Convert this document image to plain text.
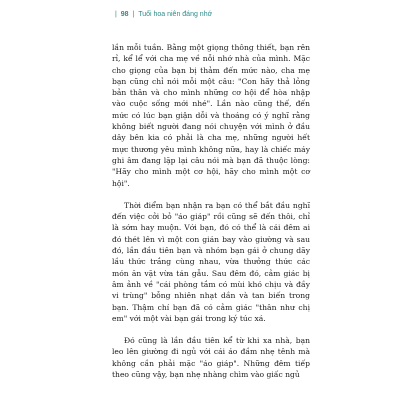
| 98 | Tuổi hoa niên đáng nhớ

lần mỗi tuần. Bằng một giọng thông thiết, bạn rên rỉ, kể lể với cha mẹ về nỗi nhớ nhà của mình. Mặc cho giọng của bạn bị thảm đến mức nào, cha mẹ bạn cũng chỉ nói mỗi một câu: "Con hãy thả lỏng bản thân và cho mình những cơ hội để hòa nhập vào cuộc sống mới nhé". Lần nào cũng thế, đến mức có lúc bạn giận dỗi và thoáng có ý nghĩ rằng không biết người đang nói chuyện với mình ở đầu dây bên kia có phải là cha mẹ, những người hết mực thương yêu mình không nữa, hay là chiếc máy ghi âm đang lặp lại câu nói mà bạn đã thuộc lòng: "Hãy cho mình một cơ hội, hãy cho mình một cơ hội".

Thời điểm bạn nhận ra bạn có thể bắt đầu nghĩ đến việc cởi bỏ "áo giáp" rồi cũng sẽ đến thôi, chỉ là sớm hay muộn. Với bạn, đó có thể là cái đêm ai đó thét lên vì một con gián bay vào giường và sau đó, lần đầu tiên bạn và nhóm bạn gái ở chung dãy lầu thức trắng cùng nhau, vừa thưởng thức các món ăn vặt vừa tán gẫu. Sau đêm đó, cảm giác bị âm ảnh về "cái phòng tắm có mùi khó chịu và đầy vi trùng" bỗng nhiên nhạt dần và tan biến trong bạn. Thậm chí bạn đã có cảm giác "thân như chị em" với một vài bạn gái trong ký túc xá.

Đó cũng là lần đầu tiên kể từ khi xa nhà, bạn leo lên giường đi ngủ với cái áo đầm nhẹ tênh mà không cần phải mặc "áo giáp". Những đêm tiếp theo cũng vậy, bạn nhẹ nhàng chìm vào giấc ngủ
